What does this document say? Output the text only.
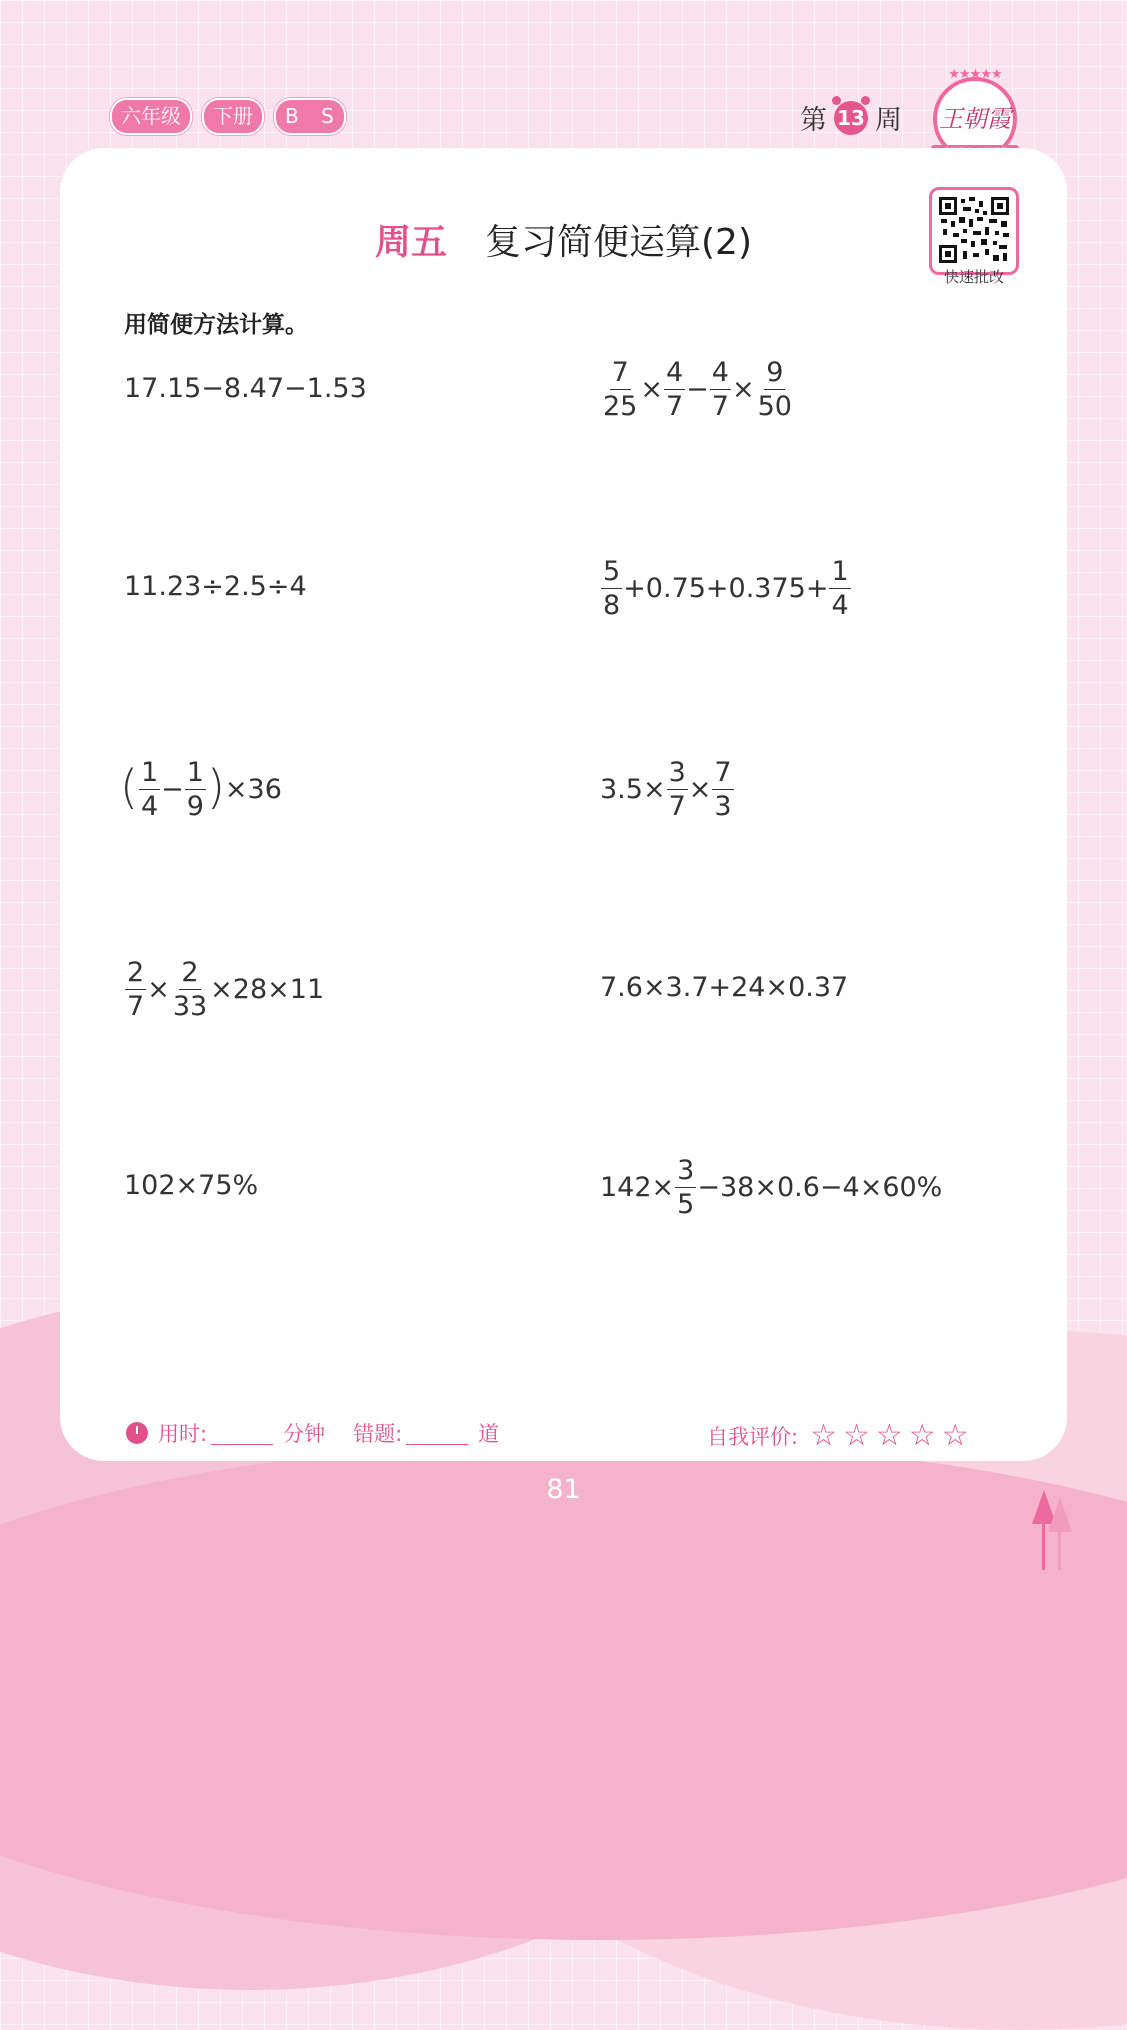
六年级	下册	B S	第 13 周
★★★★★
王朝霞
周五 复习简便运算(2)
快速批改
用简便方法计算。
17.15−8.47−1.53	$\frac{7}{25} \times \frac{4}{7} - \frac{4}{7} \times \frac{9}{50}$
11.23÷2.5÷4	$\frac{5}{8} +0.75+0.375+ \frac{1}{4}$
( $\frac{1}{4} - \frac{1}{9}$ ) ×36	$3.5\times \frac{3}{7} \times \frac{7}{3}$
$\frac{2}{7} \times \frac{2}{33} \times 28\times 11$	7.6×3.7+24×0.37
102×75%	$142\times \frac{3}{5} -38\times 0.6-4\times 60\%$
用时:	分钟 错题:	道	自我评价: ☆ ☆ ☆ ☆ ☆
81
